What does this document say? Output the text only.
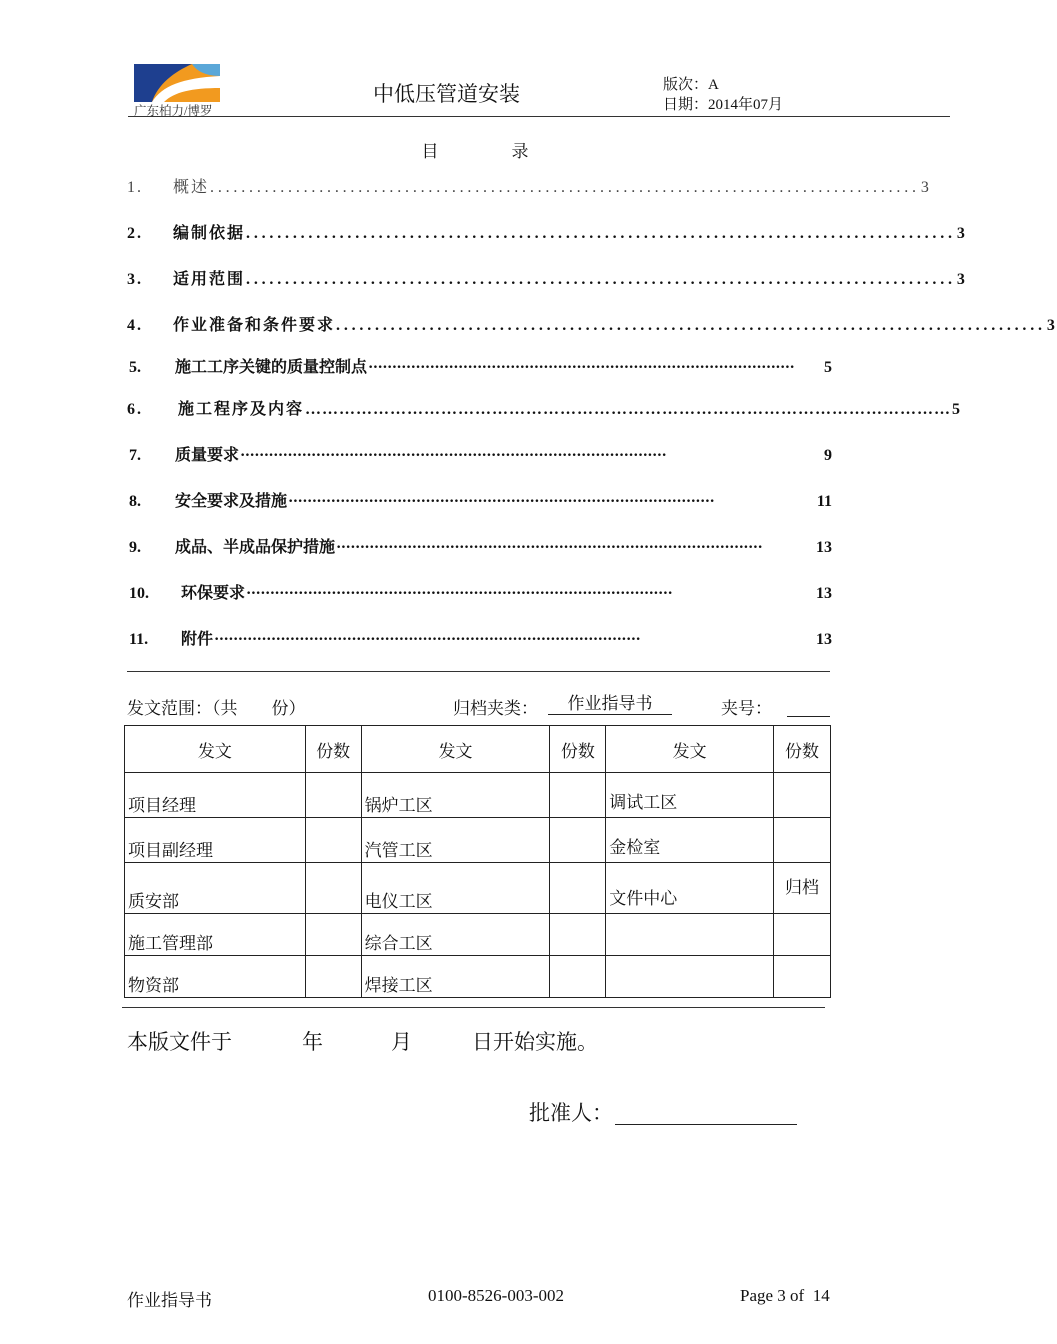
广东柏力/博罗
中低压管道安装	版次：A
日期：2014年07月
目　录
1.	概述 ........................................................................................... 3
2.	编制依据 ........................................................................................... 3
3.	适用范围 ........................................................................................... 3
4.	作业准备和条件要求 ........................................................................................... 3
5.	施工工序关键的质量控制点 ··························································································	5
6.	施工程序及内容 …………………………………………………………………………………………………… 5
7.	质量要求 ··························································································	9
8.	安全要求及措施 ··························································································	11
9.	成品、半成品保护措施 ··························································································	13
10.	环保要求 ··························································································	13
11.	附件 ··························································································	13
发文范围：（共　　份）	归档夹类：	作业指导书	夹号：
发文	份数	发文	份数	发文	份数
项目经理		锅炉工区		调试工区	
项目副经理		汽管工区		金检室	
质安部		电仪工区		文件中心	归档
施工管理部		综合工区			
物资部		焊接工区			
本版文件于	年	月	日开始实施。
批准人：
作业指导书	0100-8526-003-002	Page 3 of  14
